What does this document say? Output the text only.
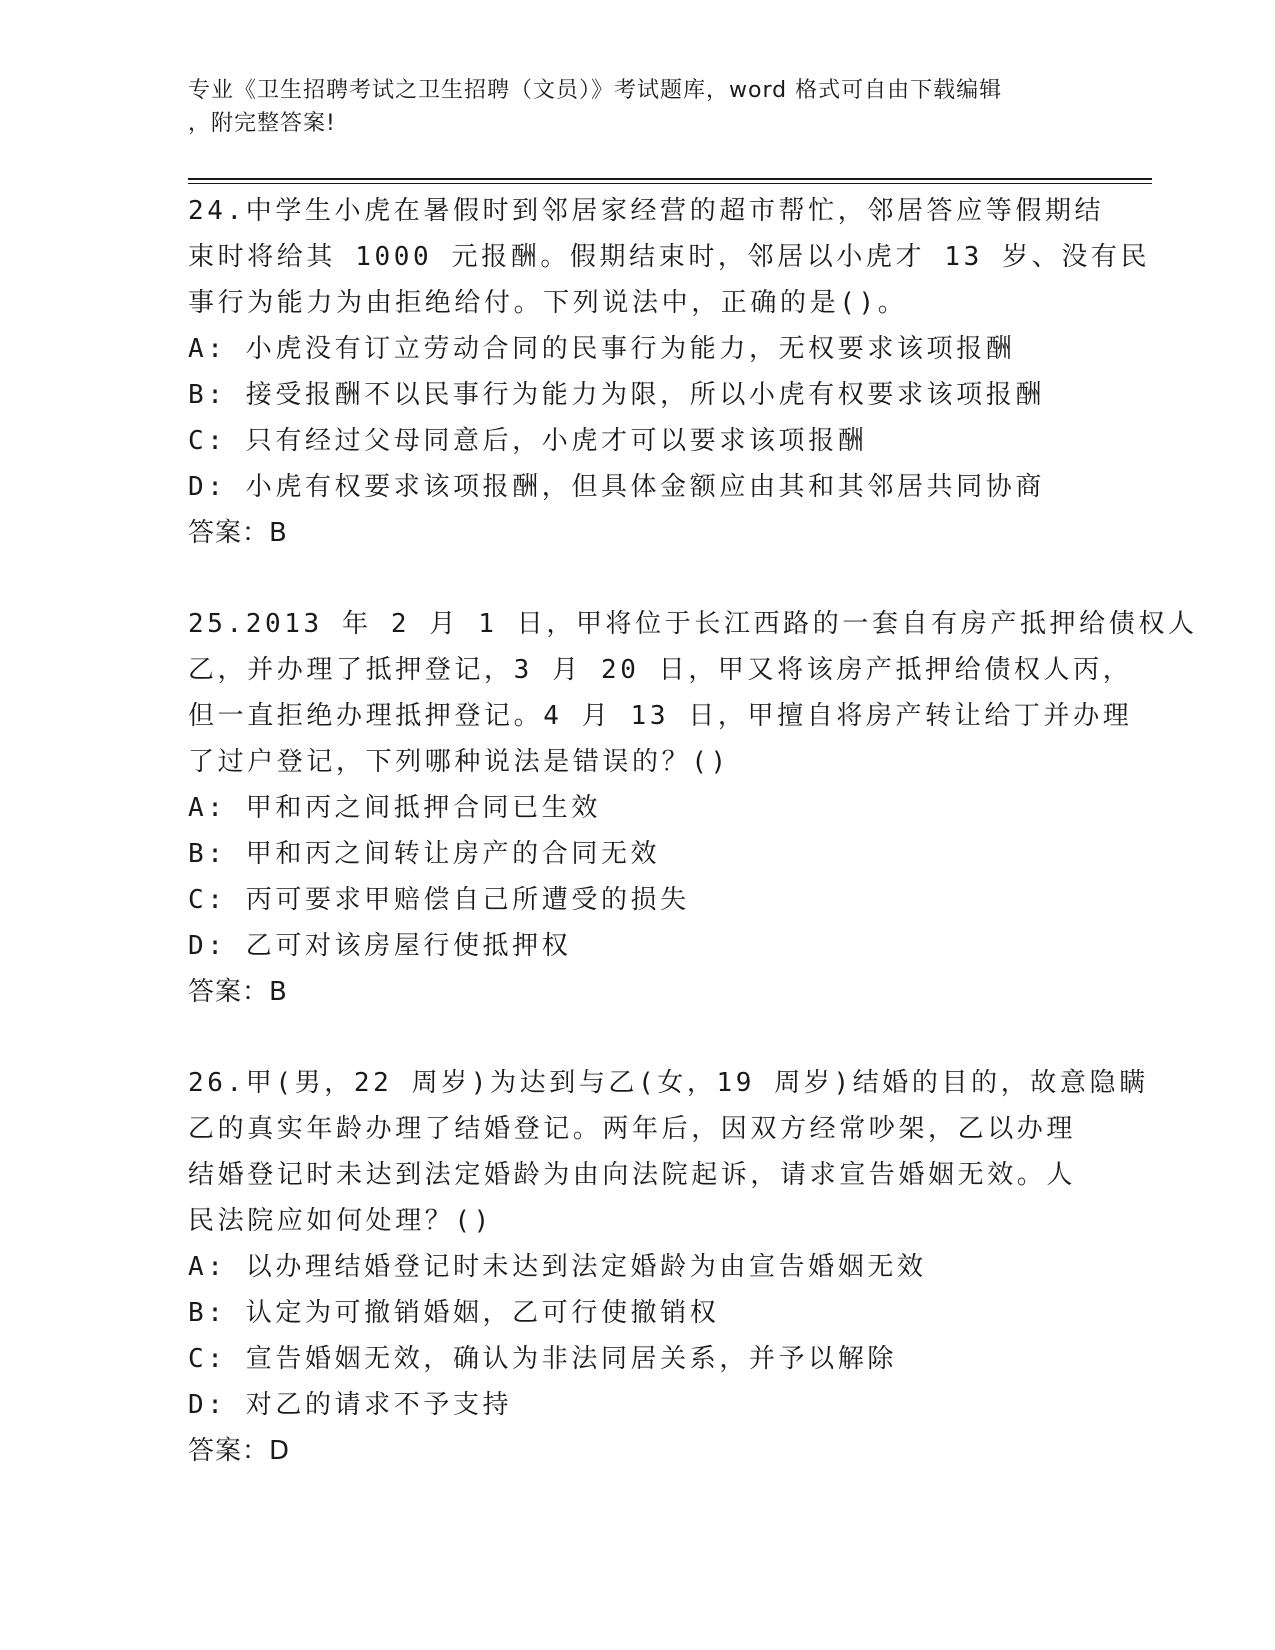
专业《卫生招聘考试之卫生招聘（文员）》考试题库，word 格式可自由下载编辑
，附完整答案!
24.中学生小虎在暑假时到邻居家经营的超市帮忙，邻居答应等假期结
束时将给其 1000 元报酬。假期结束时，邻居以小虎才 13 岁、没有民
事行为能力为由拒绝给付。下列说法中，正确的是()。
A: 小虎没有订立劳动合同的民事行为能力，无权要求该项报酬
B: 接受报酬不以民事行为能力为限，所以小虎有权要求该项报酬
C: 只有经过父母同意后，小虎才可以要求该项报酬
D: 小虎有权要求该项报酬，但具体金额应由其和其邻居共同协商
答案：B
25.2013 年 2 月 1 日，甲将位于长江西路的一套自有房产抵押给债权人
乙，并办理了抵押登记，3 月 20 日，甲又将该房产抵押给债权人丙，
但一直拒绝办理抵押登记。4 月 13 日，甲擅自将房产转让给丁并办理
了过户登记，下列哪种说法是错误的？()
A: 甲和丙之间抵押合同已生效
B: 甲和丙之间转让房产的合同无效
C: 丙可要求甲赔偿自己所遭受的损失
D: 乙可对该房屋行使抵押权
答案：B
26.甲(男，22 周岁)为达到与乙(女，19 周岁)结婚的目的，故意隐瞒
乙的真实年龄办理了结婚登记。两年后，因双方经常吵架，乙以办理
结婚登记时未达到法定婚龄为由向法院起诉，请求宣告婚姻无效。人
民法院应如何处理？()
A: 以办理结婚登记时未达到法定婚龄为由宣告婚姻无效
B: 认定为可撤销婚姻，乙可行使撤销权
C: 宣告婚姻无效，确认为非法同居关系，并予以解除
D: 对乙的请求不予支持
答案：D
